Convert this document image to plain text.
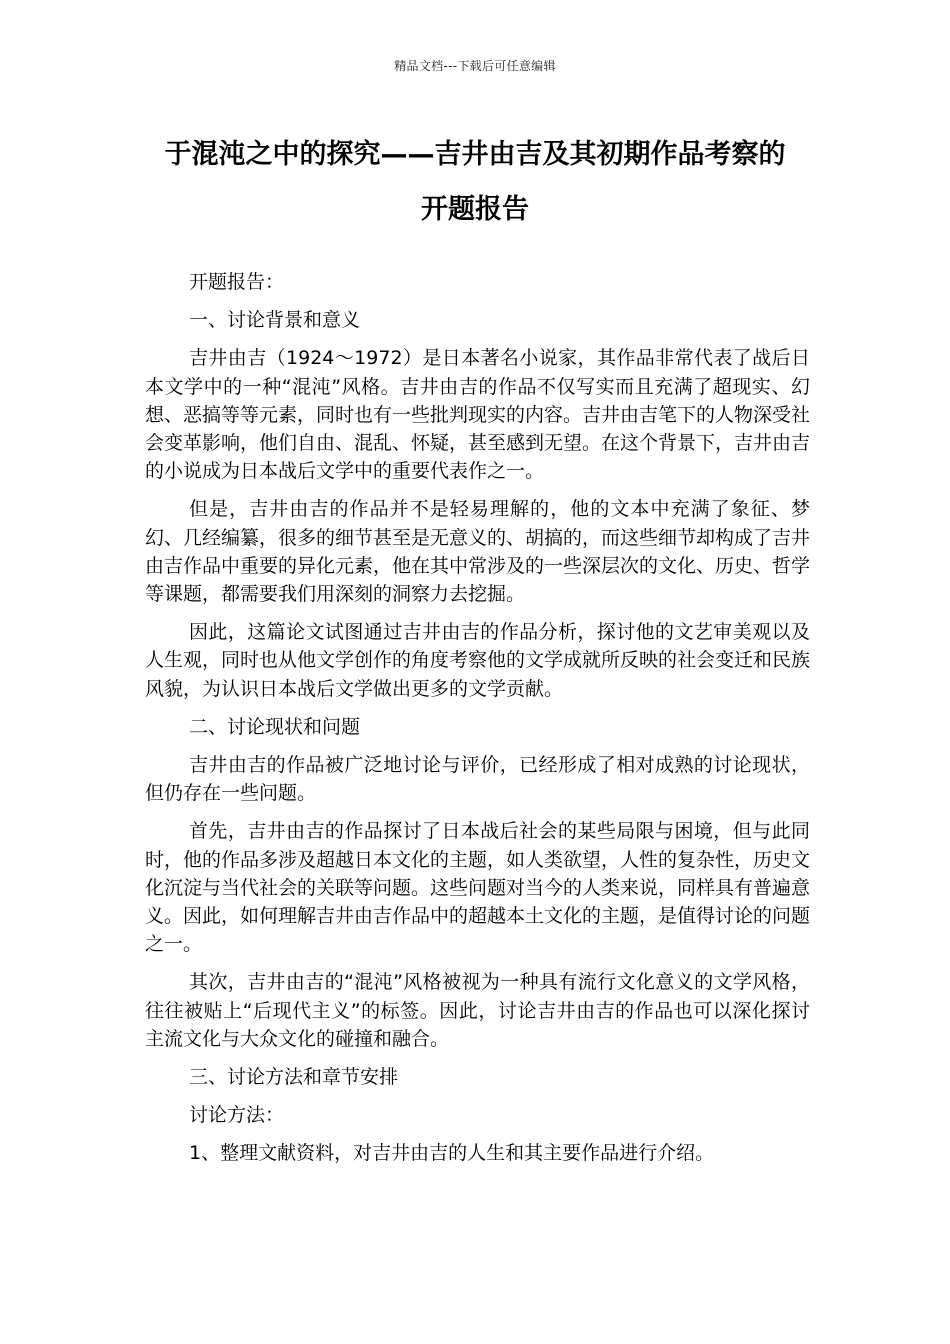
精品文档---下载后可任意编辑
于混沌之中的探究——吉井由吉及其初期作品考察的
开题报告

开题报告：

一、讨论背景和意义

吉井由吉（1924～1972）是日本著名小说家，其作品非常代表了战后日本文学中的一种“混沌”风格。吉井由吉的作品不仅写实而且充满了超现实、幻想、恶搞等等元素，同时也有一些批判现实的内容。吉井由吉笔下的人物深受社会变革影响，他们自由、混乱、怀疑，甚至感到无望。在这个背景下，吉井由吉的小说成为日本战后文学中的重要代表作之一。

但是，吉井由吉的作品并不是轻易理解的，他的文本中充满了象征、梦幻、几经编纂，很多的细节甚至是无意义的、胡搞的，而这些细节却构成了吉井由吉作品中重要的异化元素，他在其中常涉及的一些深层次的文化、历史、哲学等课题，都需要我们用深刻的洞察力去挖掘。

因此，这篇论文试图通过吉井由吉的作品分析，探讨他的文艺审美观以及人生观，同时也从他文学创作的角度考察他的文学成就所反映的社会变迁和民族风貌，为认识日本战后文学做出更多的文学贡献。

二、讨论现状和问题

吉井由吉的作品被广泛地讨论与评价，已经形成了相对成熟的讨论现状，但仍存在一些问题。

首先，吉井由吉的作品探讨了日本战后社会的某些局限与困境，但与此同时，他的作品多涉及超越日本文化的主题，如人类欲望，人性的复杂性，历史文化沉淀与当代社会的关联等问题。这些问题对当今的人类来说，同样具有普遍意义。因此，如何理解吉井由吉作品中的超越本土文化的主题，是值得讨论的问题之一。

其次，吉井由吉的“混沌”风格被视为一种具有流行文化意义的文学风格，往往被贴上“后现代主义”的标签。因此，讨论吉井由吉的作品也可以深化探讨主流文化与大众文化的碰撞和融合。

三、讨论方法和章节安排

讨论方法：

1、整理文献资料，对吉井由吉的人生和其主要作品进行介绍。
